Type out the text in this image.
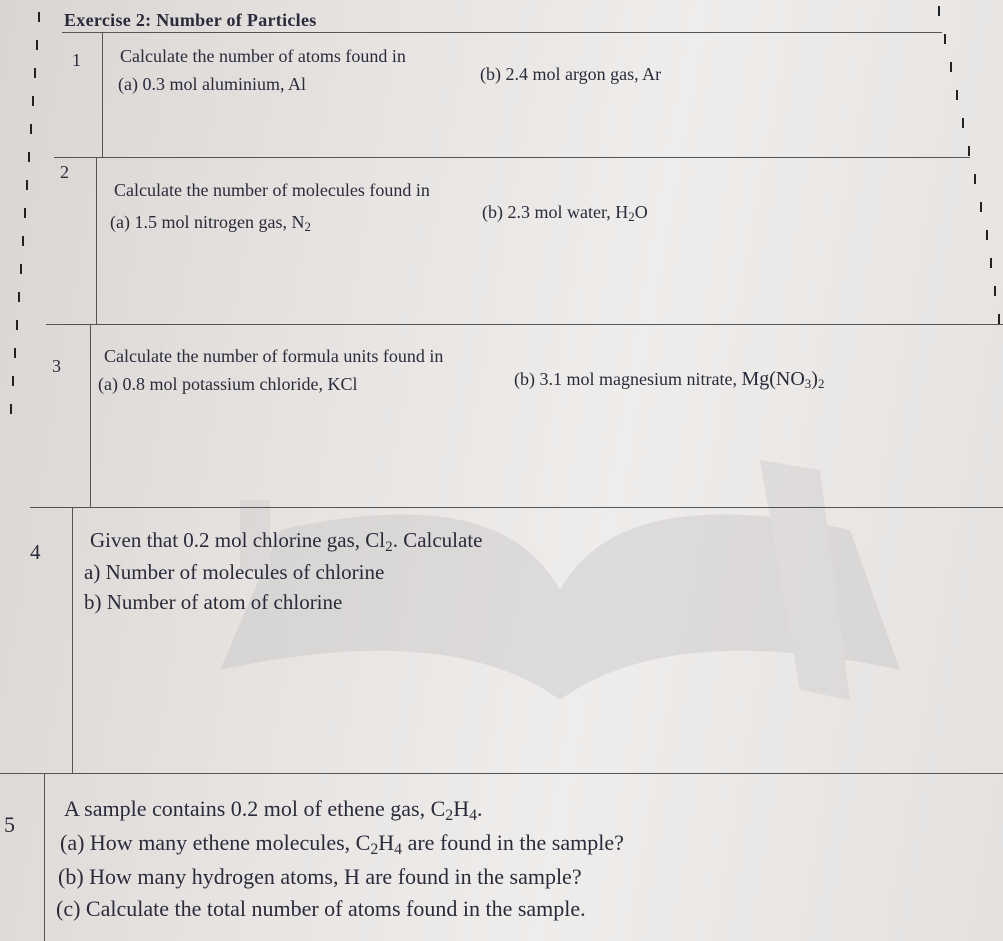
Exercise 2: Number of Particles
1 Calculate the number of atoms found in
(a) 0.3 mol aluminium, Al	(b) 2.4 mol argon gas, Ar
2
Calculate the number of molecules found in
(a) 1.5 mol nitrogen gas, $N_2$
(b) 2.3 mol water, $H_2O$
3 Calculate the number of formula units found in
(a) 0.8 mol potassium chloride, KCl	(b) 3.1 mol magnesium nitrate, $Mg(NO_3)_2$
4 Given that 0.2 mol chlorine gas, $Cl_2$. Calculate
a) Number of molecules of chlorine
b) Number of atom of chlorine
5
A sample contains 0.2 mol of ethene gas, $C_2H_4$.
(a) How many ethene molecules, $C_2H_4$ are found in the sample?
(b) How many hydrogen atoms, H are found in the sample?
(c) Calculate the total number of atoms found in the sample.
